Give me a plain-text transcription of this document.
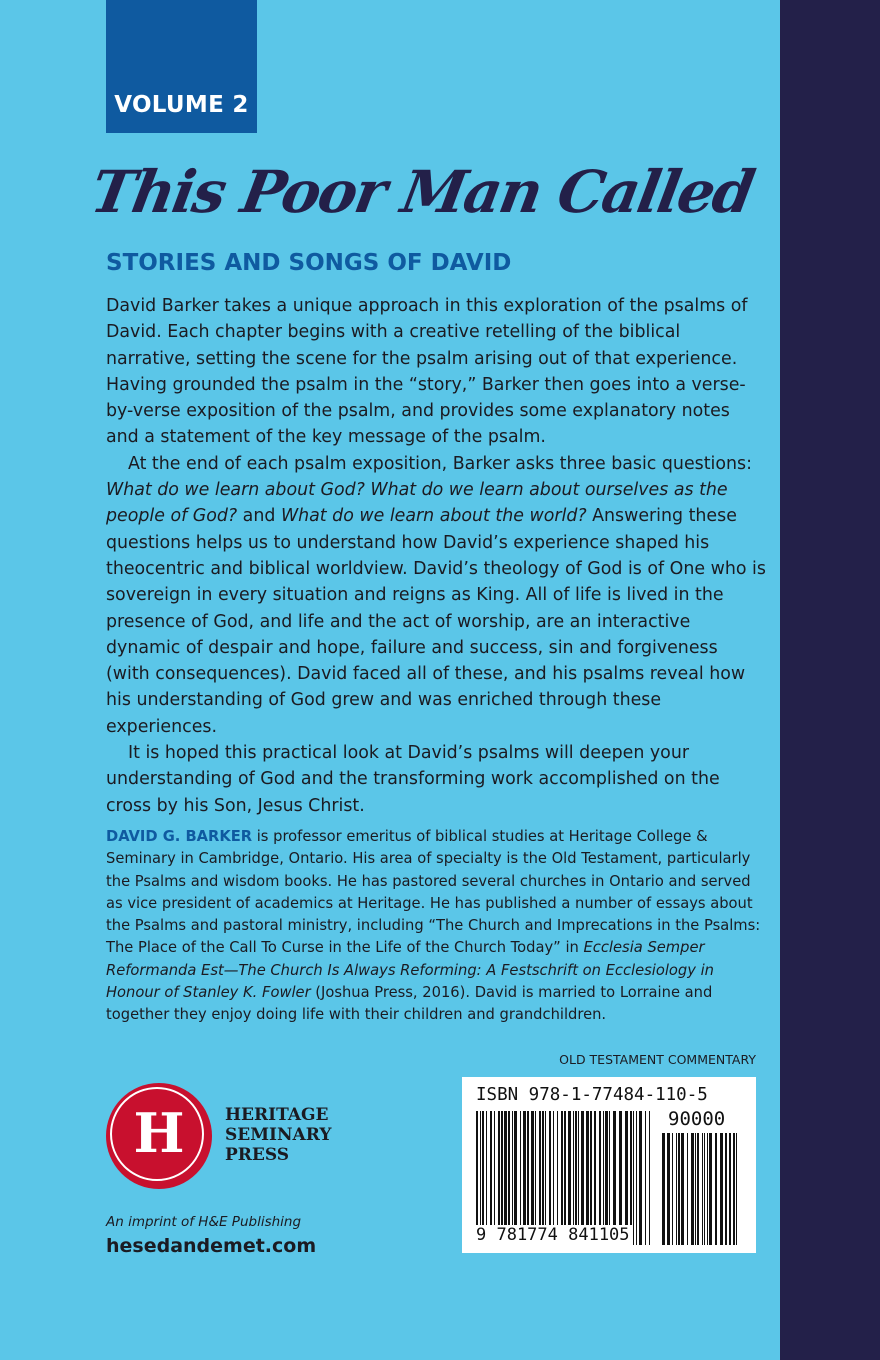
VOLUME 2
This Poor Man Called
STORIES AND SONGS OF DAVID

David Barker takes a unique approach in this exploration of the psalms of David. Each chapter begins with a creative retelling of the biblical narrative, setting the scene for the psalm arising out of that experience. Having grounded the psalm in the “story,” Barker then goes into a verse-by-verse exposition of the psalm, and provides some explanatory notes and a statement of the key message of the psalm.

At the end of each psalm exposition, Barker asks three basic questions: What do we learn about God? What do we learn about ourselves as the people of God? and What do we learn about the world? Answering these questions helps us to understand how David’s experience shaped his theocentric and biblical worldview. David’s theology of God is of One who is sovereign in every situation and reigns as King. All of life is lived in the presence of God, and life and the act of worship, are an interactive dynamic of despair and hope, failure and success, sin and forgiveness (with consequences). David faced all of these, and his psalms reveal how his understanding of God grew and was enriched through these experiences.

It is hoped this practical look at David’s psalms will deepen your understanding of God and the transforming work accomplished on the cross by his Son, Jesus Christ.

DAVID G. BARKER is professor emeritus of biblical studies at Heritage College & Seminary in Cambridge, Ontario. His area of specialty is the Old Testament, particularly the Psalms and wisdom books. He has pastored several churches in Ontario and served as vice president of academics at Heritage. He has published a number of essays about the Psalms and pastoral ministry, including “The Church and Imprecations in the Psalms: The Place of the Call To Curse in the Life of the Church Today” in Ecclesia Semper Reformanda Est—The Church Is Always Reforming: A Festschrift on Ecclesiology in Honour of Stanley K. Fowler (Joshua Press, 2016). David is married to Lorraine and together they enjoy doing life with their children and grandchildren.
OLD TESTAMENT COMMENTARY
H	HERITAGE
SEMINARY
PRESS
An imprint of H&E Publishing
hesedandemet.com
ISBN 978-1-77484-110-5
90000
9 781774 841105
